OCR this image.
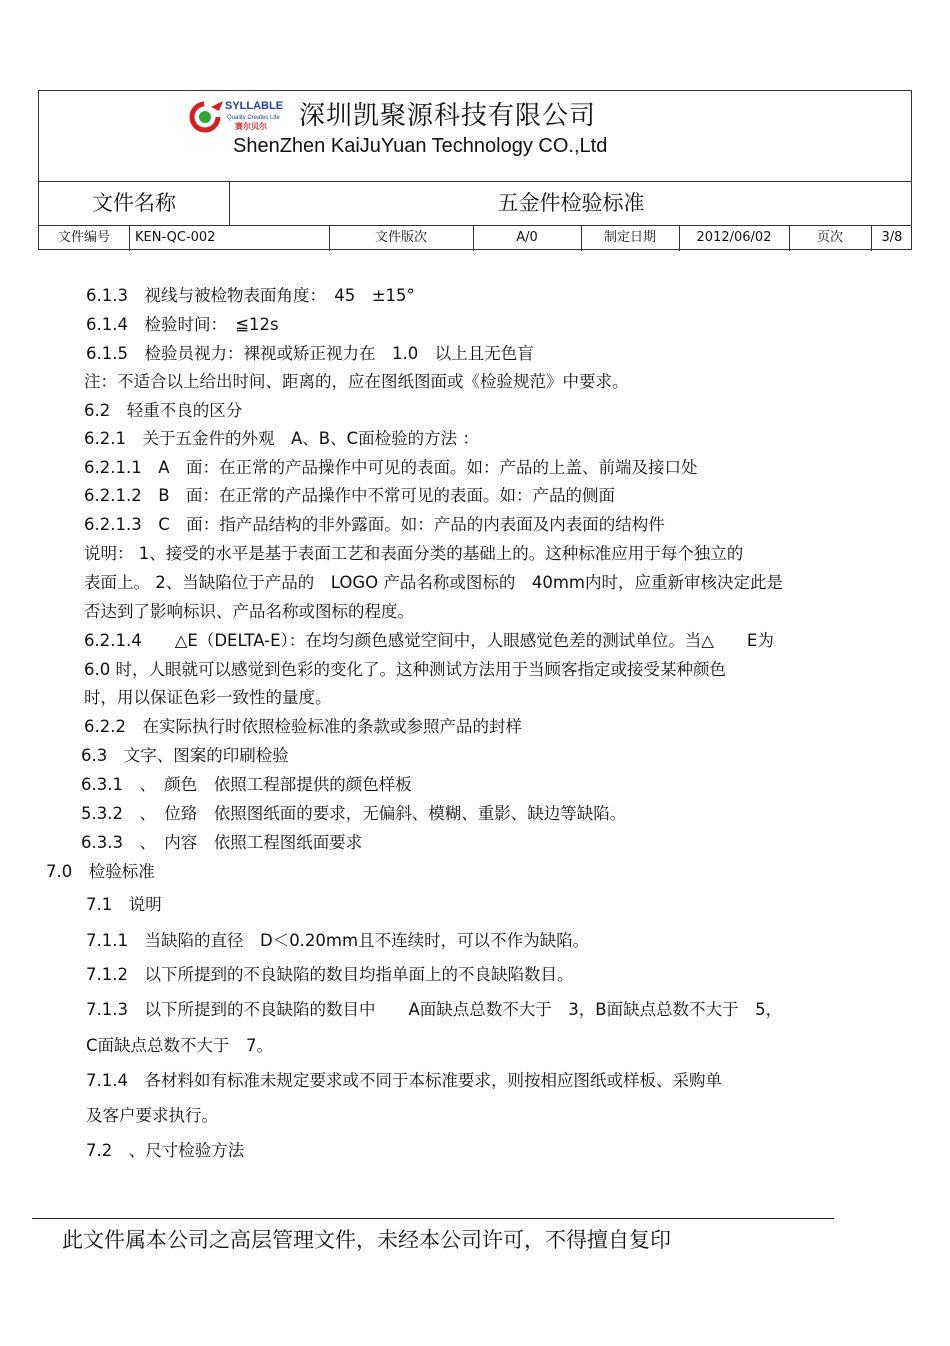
SYLLABLE
Quality Creates Life
赛尔贝尔 深圳凯聚源科技有限公司
ShenZhen KaiJuYuan Technology CO.,Ltd
文件名称	五金件检验标准
文件编号	KEN-QC-002	文件版次	A/0	制定日期	2012/06/02	页次	3/8
6.1.3　视线与被检物表面角度：　45　±15°
6.1.4　检验时间：　≦12s
6.1.5　检验员视力：裸视或矫正视力在　1.0　以上且无色盲
注：不适合以上给出时间、距离的，应在图纸图面或《检验规范》中要求。
6.2　轻重不良的区分
6.2.1　关于五金件的外观　A、B、C面检验的方法 ：
6.2.1.1　A　面：在正常的产品操作中可见的表面。如：产品的上盖、前端及接口处
6.2.1.2　B　面：在正常的产品操作中不常可见的表面。如：产品的侧面
6.2.1.3　C　面：指产品结构的非外露面。如：产品的内表面及内表面的结构件
说明： 1、接受的水平是基于表面工艺和表面分类的基础上的。这种标准应用于每个独立的
表面上。 2、当缺陷位于产品的　LOGO 产品名称或图标的　40mm内时，应重新审核决定此是
否达到了影响标识、产品名称或图标的程度。
6.2.1.4　　△E（DELTA-E）：在均匀颜色感觉空间中，人眼感觉色差的测试单位。当△　　E为
6.0 时，人眼就可以感觉到色彩的变化了。这种测试方法用于当顾客指定或接受某种颜色
时，用以保证色彩一致性的量度。
6.2.2　在实际执行时依照检验标准的条款或参照产品的封样
6.3　文字、图案的印刷检验
6.3.1　、　颜色　依照工程部提供的颜色样板
5.3.2　、　位臵　依照图纸面的要求，无偏斜、模糊、重影、缺边等缺陷。
6.3.3　、　内容　依照工程图纸面要求
7.0　检验标准
7.1　说明
7.1.1　当缺陷的直径　D＜0.20mm且不连续时，可以不作为缺陷。
7.1.2　以下所提到的不良缺陷的数目均指单面上的不良缺陷数目。
7.1.3　以下所提到的不良缺陷的数目中　　A面缺点总数不大于　3，B面缺点总数不大于　5，
C面缺点总数不大于　7。
7.1.4　各材料如有标准未规定要求或不同于本标准要求，则按相应图纸或样板、采购单
及客户要求执行。
7.2　、尺寸检验方法
此文件属本公司之高层管理文件，未经本公司许可，不得擅自复印
